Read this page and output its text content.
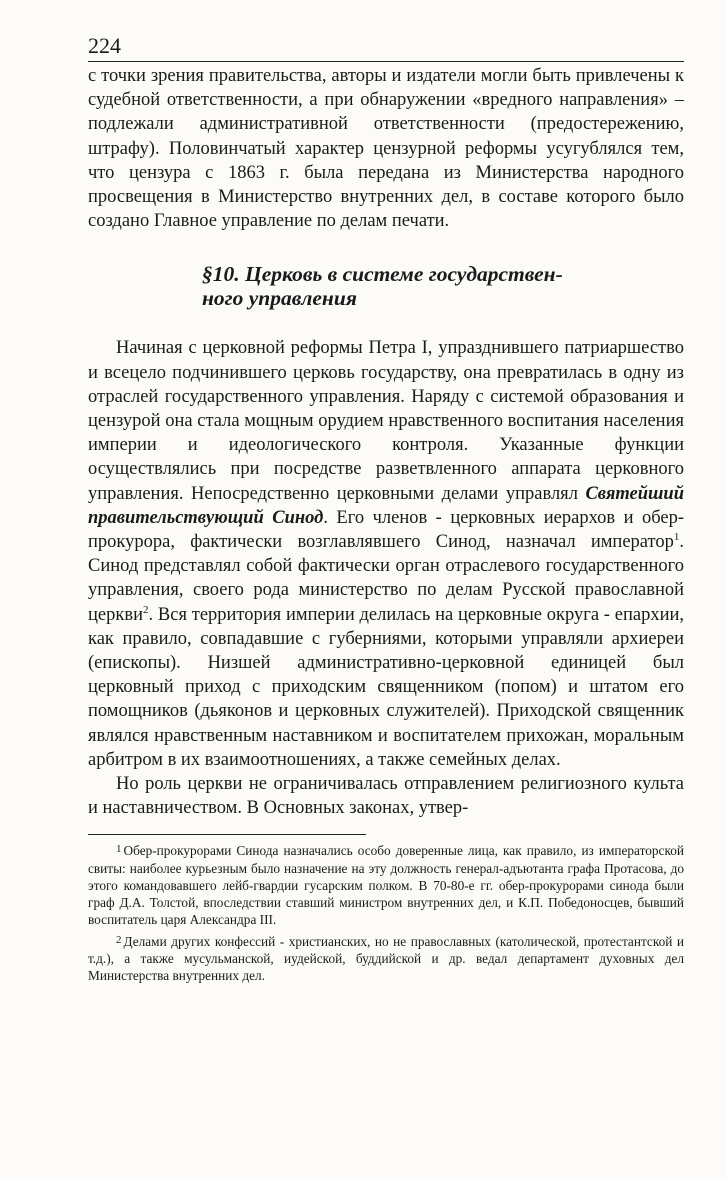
224

с точки зрения правительства, авторы и издатели могли быть привлечены к судебной ответственности, а при обнаружении «вредного направления» – подлежали административной ответственности (предостережению, штрафу). Половинчатый характер цензурной реформы усугублялся тем, что цензура с 1863 г. была передана из Министерства народного просвещения в Министерство внутренних дел, в составе которого было создано Главное управление по делам печати.

§10. Церковь в системе государствен-
ного управления

Начиная с церковной реформы Петра I, упразднившего патриаршество и всецело подчинившего церковь государству, она превратилась в одну из отраслей государственного управления. Наряду с системой образования и цензурой она стала мощным орудием нравственного воспитания населения империи и идеологического контроля. Указанные функции осуществлялись при посредстве разветвленного аппарата церковного управления. Непосредственно церковными делами управлял Святейший правительствующий Синод. Его членов - церковных иерархов и обер-прокурора, фактически возглавлявшего Синод, назначал император$^1$. Синод представлял собой фактически орган отраслевого государственного управления, своего рода министерство по делам Русской православной церкви$^2$. Вся территория империи делилась на церковные округа - епархии, как правило, совпадавшие с губерниями, которыми управляли архиереи (епископы). Низшей административно-церковной единицей был церковный приход с приходским священником (попом) и штатом его помощников (дьяконов и церковных служителей). Приходской священник являлся нравственным наставником и воспитателем прихожан, моральным арбитром в их взаимоотношениях, а также семейных делах.

Но роль церкви не ограничивалась отправлением религиозного культа и наставничеством. В Основных законах, утвер-

$^1$ Обер-прокурорами Синода назначались особо доверенные лица, как правило, из императорской свиты: наиболее курьезным было назначение на эту должность генерал-адъютанта графа Протасова, до этого командовавшего лейб-гвардии гусарским полком. В 70-80-е гг. обер-прокурорами синода были граф Д.А. Толстой, впоследствии ставший министром внутренних дел, и К.П. Победоносцев, бывший воспитатель царя Александра III.

$^2$ Делами других конфессий - христианских, но не православных (католической, протестантской и т.д.), а также мусульманской, иудейской, буддийской и др. ведал департамент духовных дел Министерства внутренних дел.
